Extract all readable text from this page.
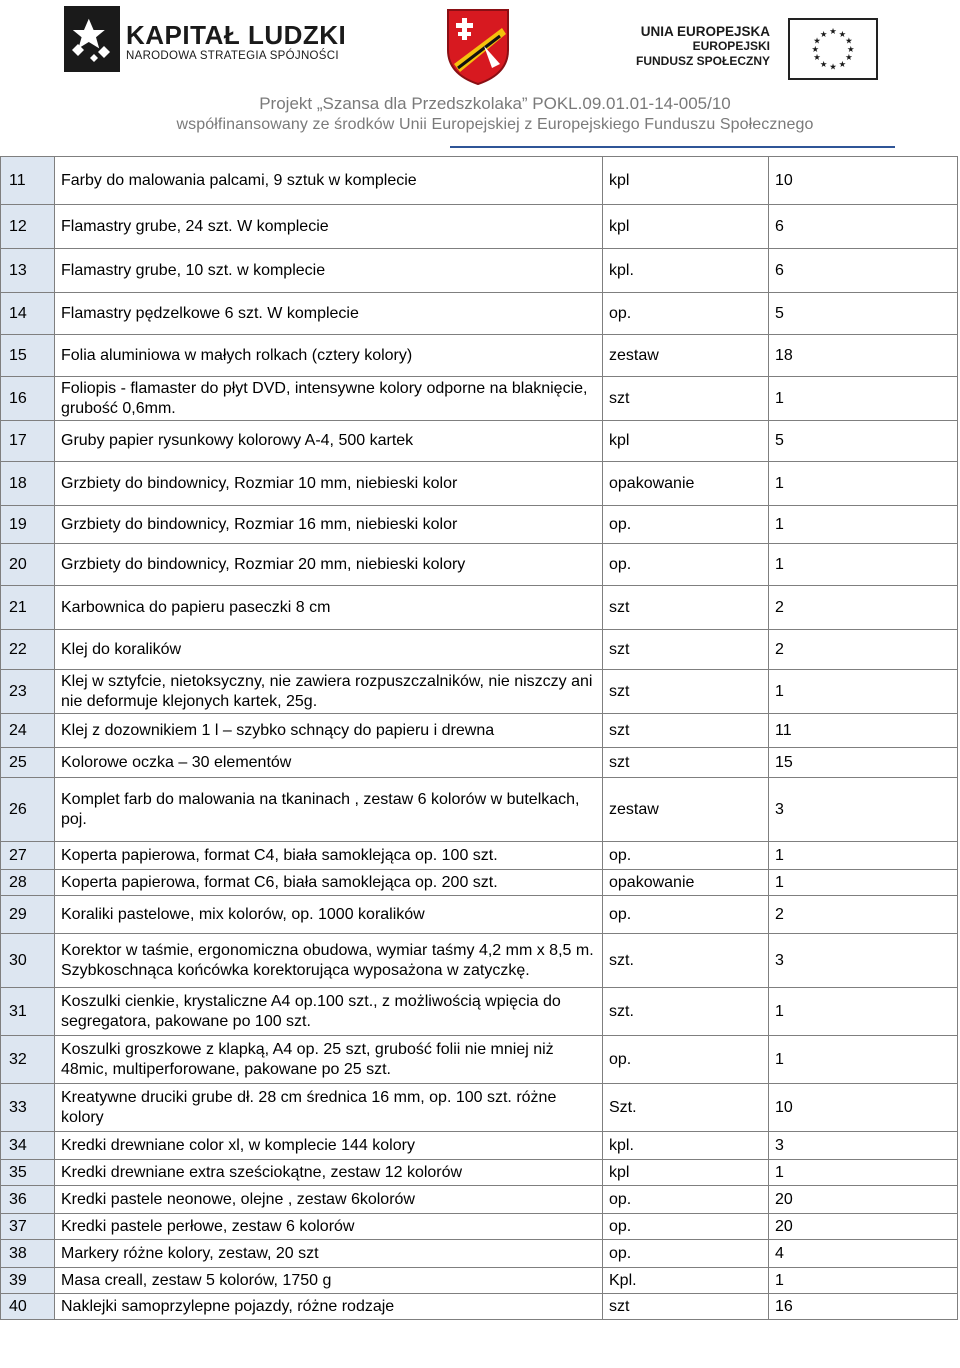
KAPITAŁ LUDZKI
NARODOWA STRATEGIA SPÓJNOŚCI
UNIA EUROPEJSKA
EUROPEJSKI
FUNDUSZ SPOŁECZNY
★ ★
★
★
★
★
★
★
★
★
★
★
Projekt „Szansa dla Przedszkolaka” POKL.09.01.01-14-005/10
współfinansowany ze środków Unii Europejskiej z Europejskiego Funduszu Społecznego
11	Farby do malowania palcami, 9 sztuk w komplecie	kpl	10
12	Flamastry grube, 24 szt. W komplecie	kpl	6
13	Flamastry grube, 10 szt. w komplecie	kpl.	6
14	Flamastry pędzelkowe 6 szt. W komplecie	op.	5
15	Folia aluminiowa w małych rolkach (cztery kolory)	zestaw	18
16	Foliopis - flamaster do płyt DVD, intensywne kolory odporne na blaknięcie, grubość 0,6mm.	szt	1
17	Gruby papier rysunkowy kolorowy A-4, 500 kartek	kpl	5
18	Grzbiety do bindownicy, Rozmiar 10 mm, niebieski kolor	opakowanie	1
19	Grzbiety do bindownicy, Rozmiar 16 mm, niebieski kolor	op.	1
20	Grzbiety do bindownicy, Rozmiar 20 mm, niebieski kolory	op.	1
21	Karbownica do papieru paseczki 8 cm	szt	2
22	Klej do koralików	szt	2
23	Klej w sztyfcie, nietoksyczny, nie zawiera rozpuszczalników, nie niszczy ani nie deformuje klejonych kartek, 25g.	szt	1
24	Klej z dozownikiem 1 l – szybko schnący do papieru i drewna	szt	11
25	Kolorowe oczka – 30 elementów	szt	15
26	Komplet farb do malowania na tkaninach , zestaw 6 kolorów w butelkach, poj.	zestaw	3
27	Koperta papierowa, format C4, biała samoklejąca op. 100 szt.	op.	1
28	Koperta papierowa, format C6, biała samoklejąca op. 200 szt.	opakowanie	1
29	Koraliki pastelowe, mix kolorów, op. 1000 koralików	op.	2
30	Korektor w taśmie, ergonomiczna obudowa, wymiar taśmy 4,2 mm x 8,5 m. Szybkoschnąca końcówka korektorująca wyposażona w zatyczkę.	szt.	3
31	Koszulki cienkie, krystaliczne A4 op.100 szt., z możliwością wpięcia do segregatora, pakowane po 100 szt.	szt.	1
32	Koszulki groszkowe z klapką, A4 op. 25 szt, grubość folii nie mniej niż 48mic, multiperforowane, pakowane po 25 szt.	op.	1
33	Kreatywne druciki grube dł. 28 cm średnica 16 mm, op. 100 szt. różne kolory	Szt.	10
34	Kredki drewniane color xl, w komplecie 144 kolory	kpl.	3
35	Kredki drewniane extra sześciokątne, zestaw 12 kolorów	kpl	1
36	Kredki pastele neonowe, olejne , zestaw 6kolorów	op.	20
37	Kredki pastele perłowe, zestaw 6 kolorów	op.	20
38	Markery różne kolory, zestaw, 20 szt	op.	4
39	Masa creall, zestaw 5 kolorów, 1750 g	Kpl.	1
40	Naklejki samoprzylepne pojazdy, różne rodzaje	szt	16
